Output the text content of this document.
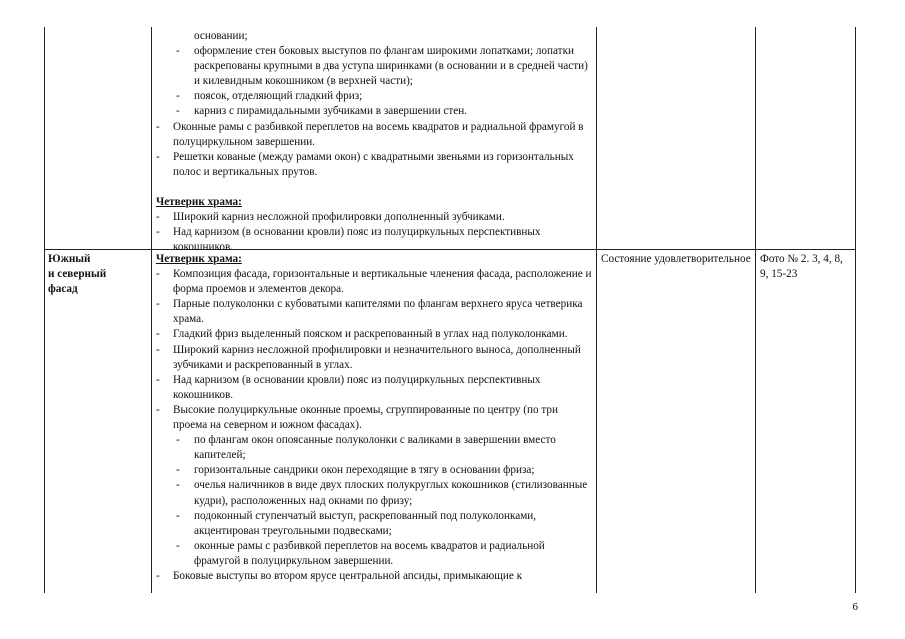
основании;
- оформление стен боковых выступов по флангам широкими лопатками; лопатки раскрепованы крупными в два уступа ширинками (в основании и в средней части) и килевидным кокошником (в верхней части);
- поясок, отделяющий гладкий фриз;
- карниз с пирамидальными зубчиками в завершении стен.
- Оконные рамы с разбивкой переплетов на восемь квадратов и радиальной фрамугой в полуциркульном завершении.
- Решетки кованые (между рамами окон) с квадратными звеньями из горизонтальных полос и вертикальных прутов.
Четверик храма:
- Широкий карниз несложной профилировки дополненный зубчиками.
- Над карнизом (в основании кровли) пояс из полуциркульных перспективных кокошников.
Южный
и северный
фасад
Четверик храма:
- Композиция фасада, горизонтальные и вертикальные членения фасада, расположение и форма проемов и элементов декора.
- Парные полуколонки с кубоватыми капителями по флангам верхнего яруса четверика храма.
- Гладкий фриз выделенный пояском и раскрепованный в углах над полуколонками.
- Широкий карниз несложной профилировки и незначительного выноса, дополненный зубчиками и раскрепованный в углах.
- Над карнизом (в основании кровли) пояс из полуциркульных перспективных кокошников.
- Высокие полуциркульные оконные проемы, сгруппированные по центру (по три проема на северном и южном фасадах).
- по флангам окон опоясанные полуколонки с валиками в завершении вместо капителей;
- горизонтальные сандрики окон переходящие в тягу в основании фриза;
- очелья наличников в виде двух плоских полукруглых кокошников (стилизованные кудри), расположенных над окнами по фризу;
- подоконный ступенчатый выступ, раскрепованный под полуколонками, акцентирован треугольными подвесками;
- оконные рамы с разбивкой переплетов на восемь квадратов и радиальной фрамугой в полуциркульном завершении.
- Боковые выступы во втором ярусе центральной апсиды, примыкающие к
Состояние удовлетворительное Фото № 2. 3, 4, 8, 9, 15-23
6
